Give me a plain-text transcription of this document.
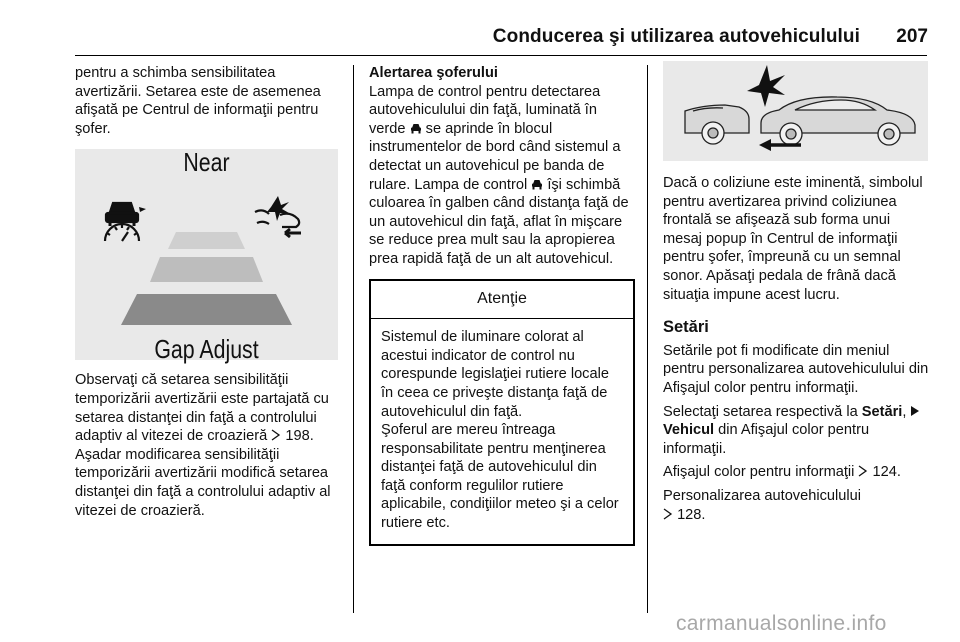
Conducerea şi utilizarea autovehiculului	207

pentru a schimba sensibilitatea avertizării. Setarea este de asemenea afişată pe Centrul de informaţii pentru şofer.

Near
Gap Adjust

Observaţi că setarea sensibilităţii temporizării avertizării este partajată cu setarea distanţei din faţă a controlului adaptiv al vitezei de croazieră 198. Aşadar modificarea sensibilităţii temporizării avertizării modifică setarea distanţei din faţă a controlului adaptiv al vitezei de croazieră.

Alertarea şoferului

Lampa de control pentru detectarea autovehiculului din faţă, luminată în verde se aprinde în blocul instrumentelor de bord când sistemul a detectat un autovehicul pe banda de rulare. Lampa de control îşi schimbă culoarea în galben când distanţa faţă de un autovehicul din faţă, aflat în mişcare se reduce prea mult sau la apropierea prea rapidă faţă de un alt autovehicul.

Atenţie

Sistemul de iluminare colorat al acestui indicator de control nu corespunde legislaţiei rutiere locale în ceea ce priveşte distanţa faţă de autovehiculul din faţă.

Şoferul are mereu întreaga responsabilitate pentru menţinerea distanţei faţă de autovehiculul din faţă conform regulilor rutiere aplicabile, condiţiilor meteo şi a celor rutiere etc.

Dacă o coliziune este iminentă, simbolul pentru avertizarea privind coliziunea frontală se afişează sub forma unui mesaj popup în Centrul de informaţii pentru şofer, împreună cu un semnal sonor. Apăsaţi pedala de frână dacă situaţia impune acest lucru.

Setări

Setările pot fi modificate din meniul pentru personalizarea autovehiculului din Afişajul color pentru informaţii.

Selectaţi setarea respectivă la Setări,  Vehicul din Afişajul color pentru informaţii.

Afişajul color pentru informaţii 124.

Personalizarea autovehiculului
128.

carmanualsonline.info
